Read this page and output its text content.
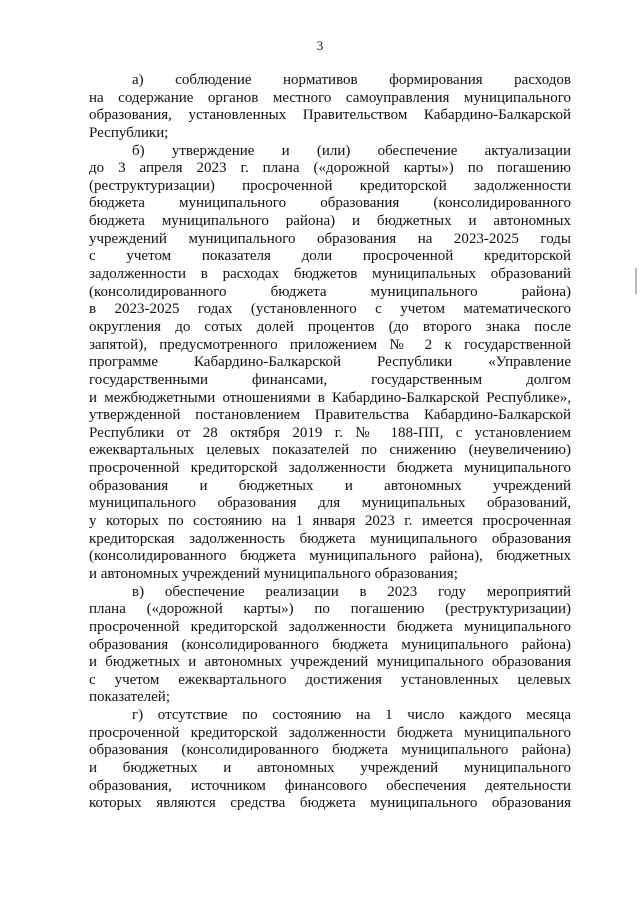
3
а) соблюдение нормативов формирования расходов
на содержание органов местного самоуправления муниципального
образования, установленных Правительством Кабардино-Балкарской
Республики;
б) утверждение и (или) обеспечение актуализации
до 3 апреля 2023 г. плана («дорожной карты») по погашению
(реструктуризации) просроченной кредиторской задолженности
бюджета муниципального образования (консолидированного
бюджета муниципального района) и бюджетных и автономных
учреждений муниципального образования на 2023-2025 годы
с учетом показателя доли просроченной кредиторской
задолженности в расходах бюджетов муниципальных образований
(консолидированного бюджета муниципального района)
в 2023-2025 годах (установленного с учетом математического
округления до сотых долей процентов (до второго знака после
запятой), предусмотренного приложением № 2 к государственной
программе Кабардино-Балкарской Республики «Управление
государственными финансами, государственным долгом
и межбюджетными отношениями в Кабардино-Балкарской Республике»,
утвержденной постановлением Правительства Кабардино-Балкарской
Республики от 28 октября 2019 г. № 188-ПП, с установлением
ежеквартальных целевых показателей по снижению (неувеличению)
просроченной кредиторской задолженности бюджета муниципального
образования и бюджетных и автономных учреждений
муниципального образования для муниципальных образований,
у которых по состоянию на 1 января 2023 г. имеется просроченная
кредиторская задолженность бюджета муниципального образования
(консолидированного бюджета муниципального района), бюджетных
и автономных учреждений муниципального образования;
в) обеспечение реализации в 2023 году мероприятий
плана («дорожной карты») по погашению (реструктуризации)
просроченной кредиторской задолженности бюджета муниципального
образования (консолидированного бюджета муниципального района)
и бюджетных и автономных учреждений муниципального образования
с учетом ежеквартального достижения установленных целевых
показателей;
г) отсутствие по состоянию на 1 число каждого месяца
просроченной кредиторской задолженности бюджета муниципального
образования (консолидированного бюджета муниципального района)
и бюджетных и автономных учреждений муниципального
образования, источником финансового обеспечения деятельности
которых являются средства бюджета муниципального образования
